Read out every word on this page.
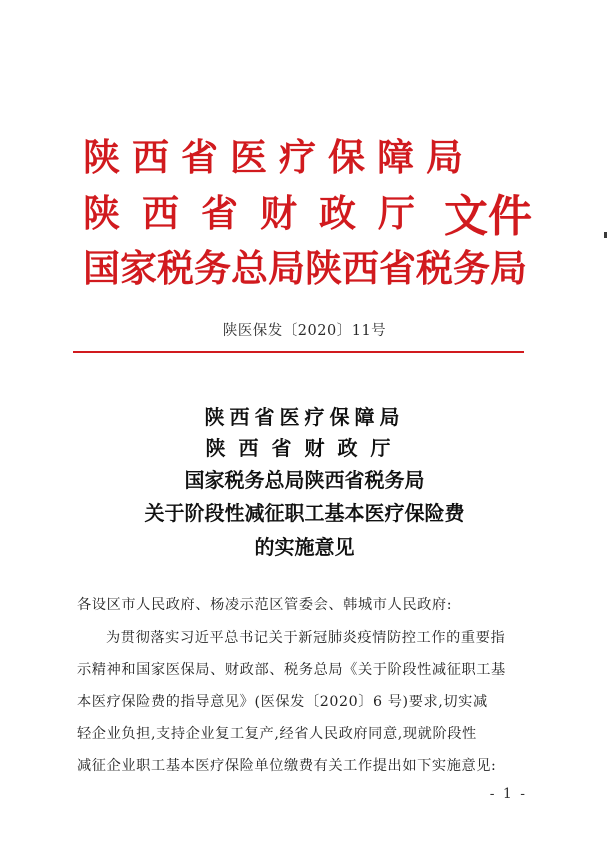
陕西省医疗保障局
陕西省财政厅
国家税务总局陕西省税务局
文件
陕医保发〔2020〕11号
陕西省医疗保障局
陕西省财政厅
国家税务总局陕西省税务局
关于阶段性减征职工基本医疗保险费
的实施意见
各设区市人民政府、杨凌示范区管委会、韩城市人民政府:
为贯彻落实习近平总书记关于新冠肺炎疫情防控工作的重要指
示精神和国家医保局、财政部、税务总局《关于阶段性减征职工基
本医疗保险费的指导意见》(医保发〔2020〕6 号)要求,切实减
轻企业负担,支持企业复工复产,经省人民政府同意,现就阶段性
减征企业职工基本医疗保险单位缴费有关工作提出如下实施意见:
- 1 -
